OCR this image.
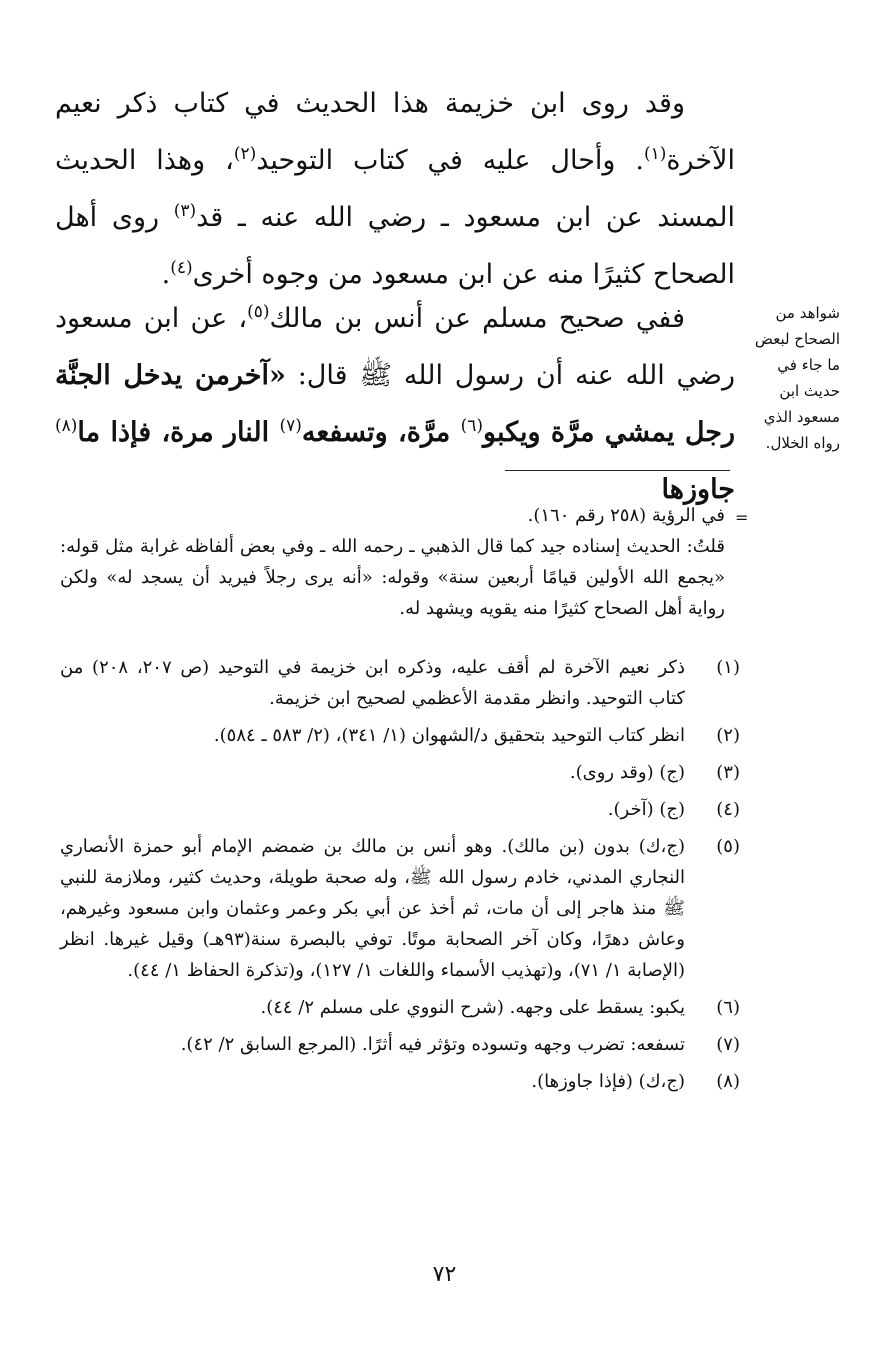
وقد روى ابن خزيمة هذا الحديث في كتاب ذكر نعيم الآخرة$^{(١)}$. وأحال عليه في كتاب التوحيد$^{(٢)}$، وهذا الحديث المسند عن ابن مسعود ـ رضي الله عنه ـ قد$^{(٣)}$ روى أهل الصحاح كثيرًا منه عن ابن مسعود من وجوه أخرى$^{(٤)}$.

ففي صحيح مسلم عن أنس بن مالك$^{(٥)}$، عن ابن مسعود رضي الله عنه أن رسول الله ﷺ قال: «آخرمن يدخل الجنَّة رجل يمشي مرَّة ويكبو$^{(٦)}$ مرَّة، وتسفعه$^{(٧)}$ النار مرة، فإذا ما$^{(٨)}$ جاوزها

شواهد من الصحاح لبعض ما جاء في حديث ابن مسعود الذي رواه الخلال.
=
في الرؤية (٢٥٨ رقم ١٦٠).
قلتُ: الحديث إسناده جيد كما قال الذهبي ـ رحمه الله ـ وفي بعض ألفاظه غرابة مثل قوله: «يجمع الله الأولين قيامًا أربعين سنة» وقوله: «أنه يرى رجلاً فيريد أن يسجد له» ولكن رواية أهل الصحاح كثيرًا منه يقويه ويشهد له.
(١)
ذكر نعيم الآخرة لم أقف عليه، وذكره ابن خزيمة في التوحيد (ص ٢٠٧، ٢٠٨) من كتاب التوحيد. وانظر مقدمة الأعظمي لصحيح ابن خزيمة.
(٢)
انظر كتاب التوحيد بتحقيق د/الشهوان (١/ ٣٤١)، (٢/ ٥٨٣ ـ ٥٨٤).
(٣)
(ج) (وقد روى).
(٤)
(ج) (آخر).
(٥)
(ج،ك) بدون (بن مالك). وهو أنس بن مالك بن ضمضم الإمام أبو حمزة الأنصاري النجاري المدني، خادم رسول الله ﷺ، وله صحبة طويلة، وحديث كثير، وملازمة للنبي ﷺ منذ هاجر إلى أن مات، ثم أخذ عن أبي بكر وعمر وعثمان وابن مسعود وغيرهم، وعاش دهرًا، وكان آخر الصحابة موتًا. توفي بالبصرة سنة(٩٣هـ) وقيل غيرها. انظر (الإصابة ١/ ٧١)، و(تهذيب الأسماء واللغات ١/ ١٢٧)، و(تذكرة الحفاظ ١/ ٤٤).
(٦)
يكبو: يسقط على وجهه. (شرح النووي على مسلم ٢/ ٤٤).
(٧)
تسفعه: تضرب وجهه وتسوده وتؤثر فيه أثرًا. (المرجع السابق ٢/ ٤٢).
(٨)
(ج،ك) (فإذا جاوزها).
٧٢
